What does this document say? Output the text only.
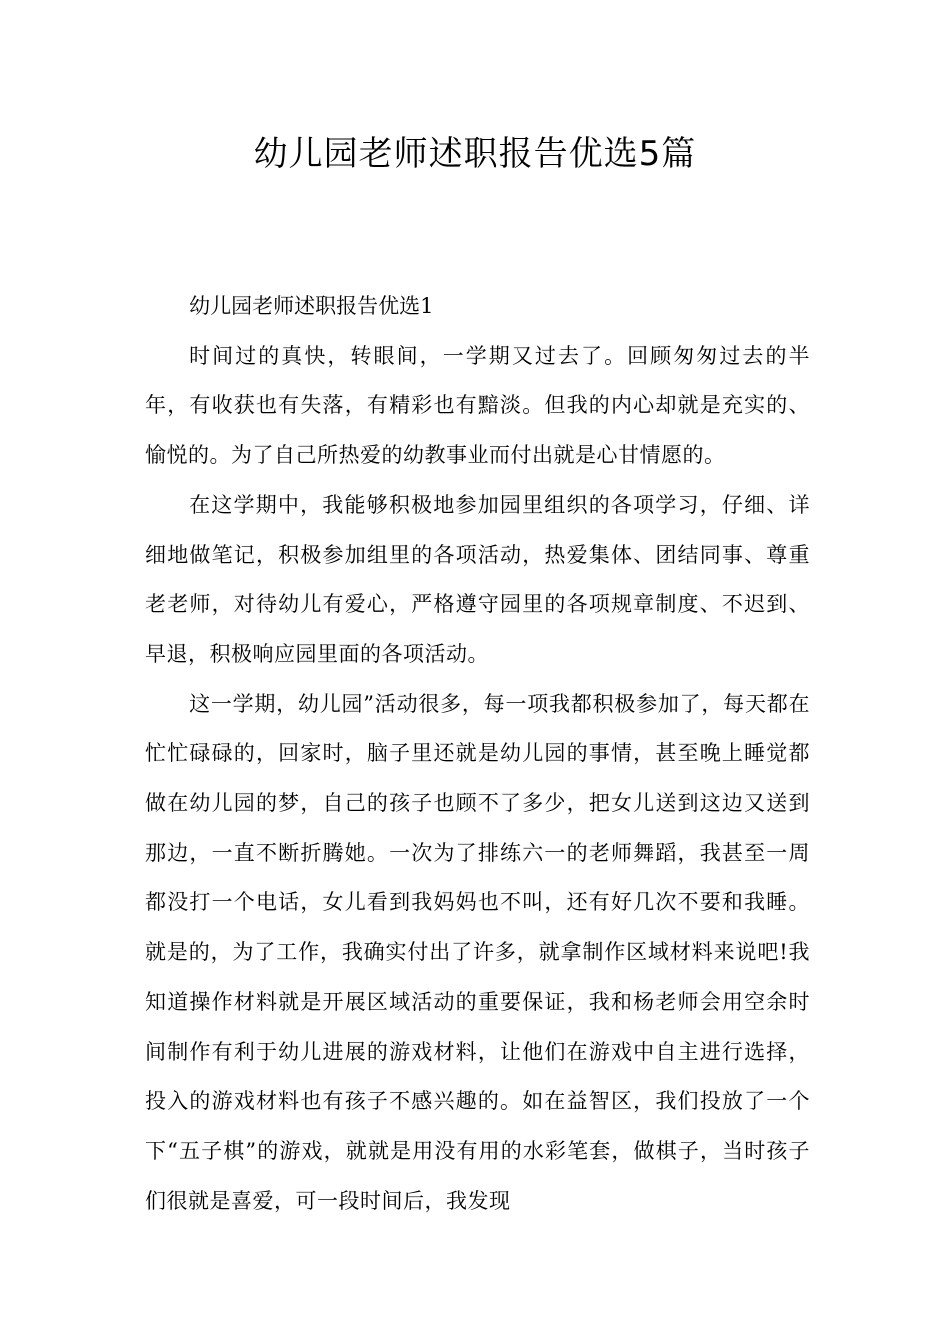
幼儿园老师述职报告优选5篇

幼儿园老师述职报告优选1

时间过的真快，转眼间，一学期又过去了。回顾匆匆过去的半年，有收获也有失落，有精彩也有黯淡。但我的内心却就是充实的、愉悦的。为了自己所热爱的幼教事业而付出就是心甘情愿的。

在这学期中，我能够积极地参加园里组织的各项学习，仔细、详细地做笔记，积极参加组里的各项活动，热爱集体、团结同事、尊重老老师，对待幼儿有爱心，严格遵守园里的各项规章制度、不迟到、早退，积极响应园里面的各项活动。

这一学期，幼儿园”活动很多，每一项我都积极参加了，每天都在忙忙碌碌的，回家时，脑子里还就是幼儿园的事情，甚至晚上睡觉都做在幼儿园的梦，自己的孩子也顾不了多少，把女儿送到这边又送到那边，一直不断折腾她。一次为了排练六一的老师舞蹈，我甚至一周都没打一个电话，女儿看到我妈妈也不叫，还有好几次不要和我睡。就是的，为了工作，我确实付出了许多，就拿制作区域材料来说吧!我知道操作材料就是开展区域活动的重要保证，我和杨老师会用空余时间制作有利于幼儿进展的游戏材料，让他们在游戏中自主进行选择，投入的游戏材料也有孩子不感兴趣的。如在益智区，我们投放了一个下“五子棋”的游戏，就就是用没有用的水彩笔套，做棋子，当时孩子们很就是喜爱，可一段时间后，我发现
